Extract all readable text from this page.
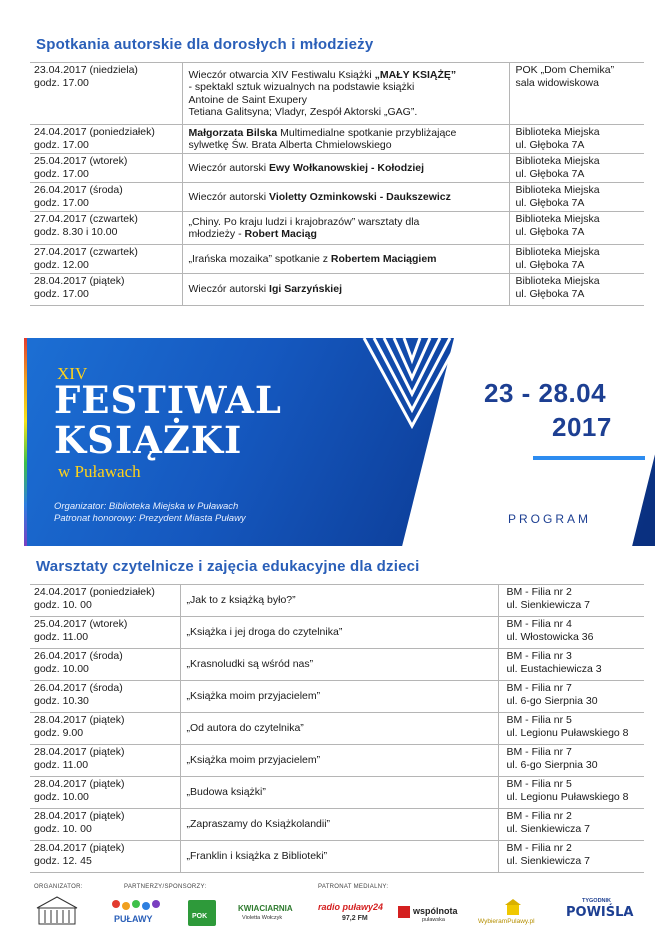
Spotkania autorskie dla dorosłych i młodzieży
23.04.2017 (niedziela)
godz. 17.00	Wieczór otwarcia XIV Festiwalu Książki „MAŁY KSIĄŻĘ”
- spektakl sztuk wizualnych na podstawie książki
Antoine de Saint Exupery
Tetiana Galitsyna; Vladyr, Zespół Aktorski „GAG”.	POK „Dom Chemika”
sala widowiskowa

24.04.2017 (poniedziałek)
godz. 17.00	Małgorzata Bilska Multimedialne spotkanie przybliżające
sylwetkę Św. Brata Alberta Chmielowskiego	Biblioteka Miejska
ul. Głęboka 7A

25.04.2017 (wtorek)
godz. 17.00	Wieczór autorski Ewy Wołkanowskiej - Kołodziej	Biblioteka Miejska
ul. Głęboka 7A

26.04.2017 (środa)
godz. 17.00	Wieczór autorski Violetty Ozminkowski - Daukszewicz	Biblioteka Miejska
ul. Głęboka 7A

27.04.2017 (czwartek)
godz. 8.30 i 10.00	„Chiny. Po kraju ludzi i krajobrazów” warsztaty dla
młodzieży - Robert Maciąg	Biblioteka Miejska
ul. Głęboka 7A

27.04.2017 (czwartek)
godz. 12.00	„Irańska mozaika” spotkanie z Robertem Maciągiem	Biblioteka Miejska
ul. Głęboka 7A

28.04.2017 (piątek)
godz. 17.00	Wieczór autorski Igi Sarzyńskiej	Biblioteka Miejska
ul. Głęboka 7A
XIV
FESTIWAL
KSIĄŻKI
w Puławach
Organizator: Biblioteka Miejska w Puławach
Patronat honorowy: Prezydent Miasta Puławy
23 - 28.04
2017
PROGRAM
Warsztaty czytelnicze i zajęcia edukacyjne dla dzieci
24.04.2017 (poniedziałek)
godz. 10. 00	„Jak to z książką było?”	BM - Filia nr 2
ul. Sienkiewicza 7

25.04.2017 (wtorek)
godz. 11.00	„Książka i jej droga do czytelnika”	BM - Filia nr 4
ul. Włostowicka 36

26.04.2017 (środa)
godz. 10.00	„Krasnoludki są wśród nas”	BM - Filia nr 3
ul. Eustachiewicza 3

26.04.2017 (środa)
godz. 10.30	„Książka moim przyjacielem”	BM - Filia nr 7
ul. 6-go Sierpnia 30

28.04.2017 (piątek)
godz. 9.00	„Od autora do czytelnika”	BM - Filia nr 5
ul. Legionu Puławskiego 8

28.04.2017 (piątek)
godz. 11.00	„Książka moim przyjacielem”	BM - Filia nr 7
ul. 6-go Sierpnia 30

28.04.2017 (piątek)
godz. 10.00	„Budowa książki”	BM - Filia nr 5
ul. Legionu Puławskiego 8

28.04.2017 (piątek)
godz. 10. 00	„Zapraszamy do Książkolandii”	BM - Filia nr 2
ul. Sienkiewicza 7

28.04.2017 (piątek)
godz. 12. 45	„Franklin i książka z Biblioteki”	BM - Filia nr 2
ul. Sienkiewicza 7
ORGANIZATOR:	PARTNERZY/SPONSORZY:	PATRONAT MEDIALNY:
PUŁAWY	POK
KWIACIARNIA
Violetta Wołczyk
radio puławy24
97,2 FM
wspólnota
puławska	WybieramPulawy.pl
TYGODNIK
POWIŚLA
